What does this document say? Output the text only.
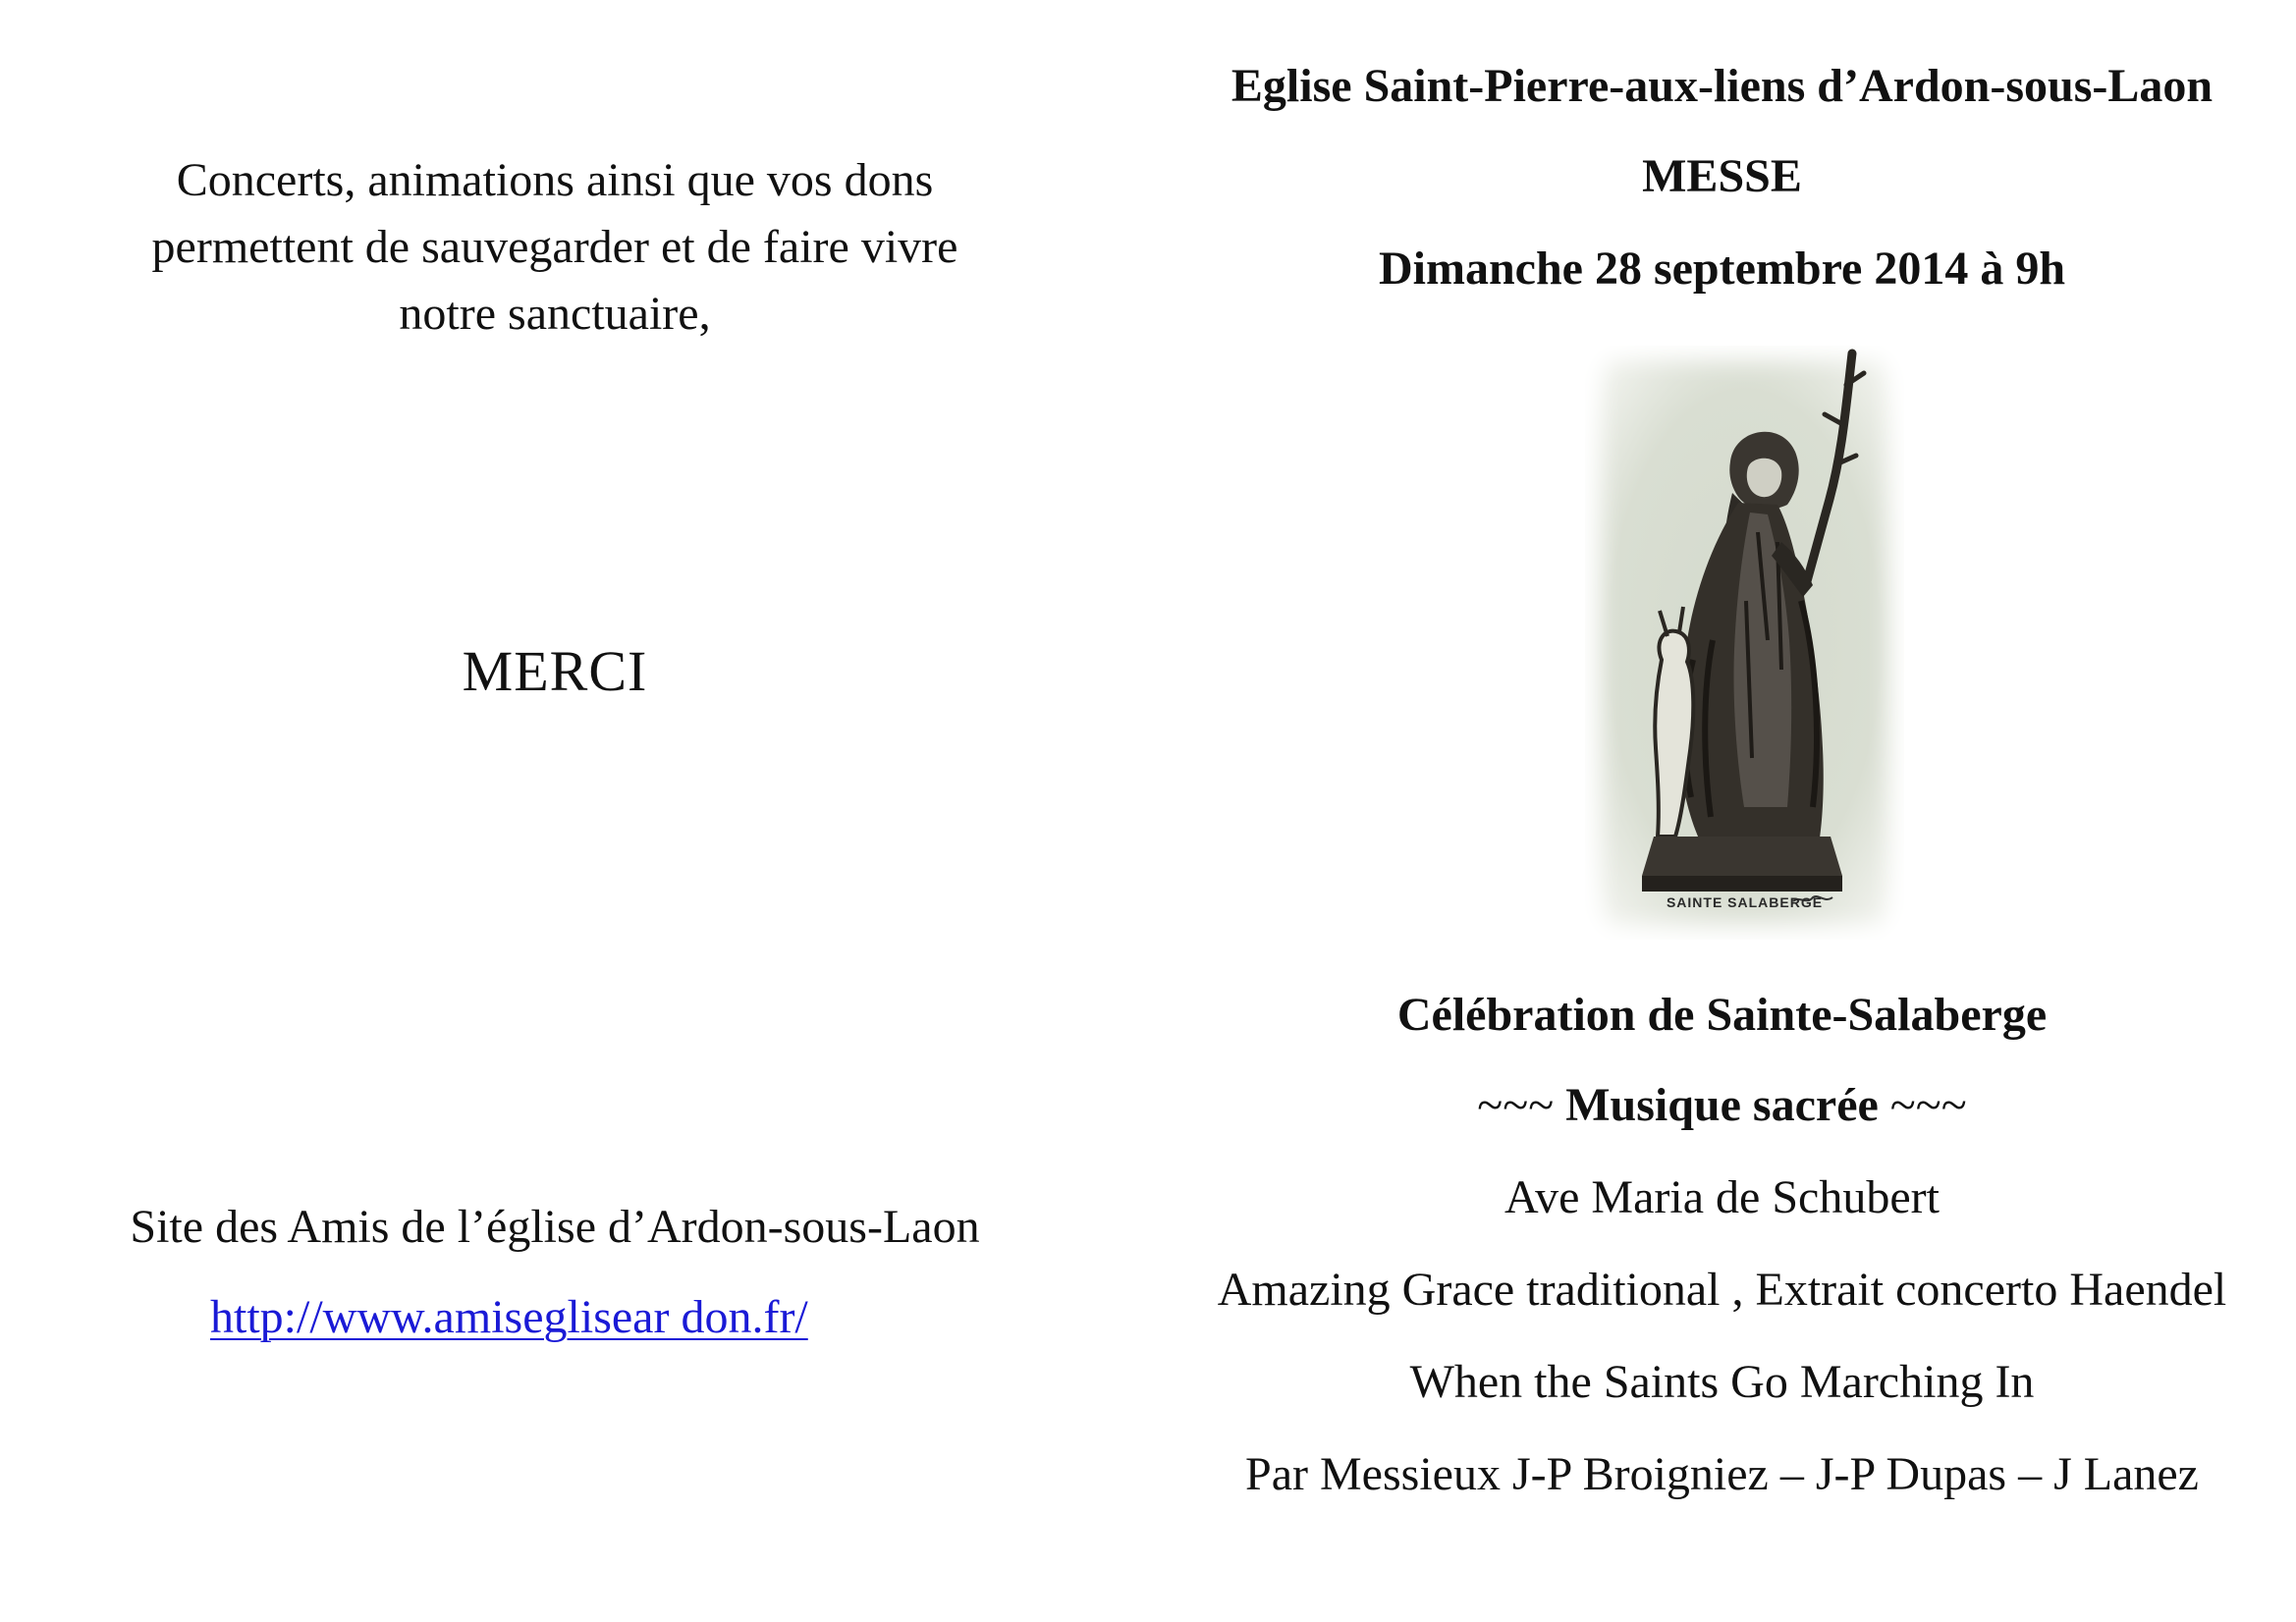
Concerts, animations ainsi que vos dons
permettent de sauvegarder et de faire vivre
notre sanctuaire,
MERCI
Site des Amis de l’église d’Ardon-sous-Laon
http://www.amiseglisear don.fr/
Eglise Saint-Pierre-aux-liens d’Ardon-sous-Laon
MESSE
Dimanche 28 septembre 2014 à 9h
SAINTE SALABERGE
Célébration de Sainte-Salaberge
~~~ Musique sacrée ~~~
Ave Maria de Schubert
Amazing Grace traditional , Extrait concerto Haendel
When the Saints Go Marching In
Par Messieux J-P Broigniez – J-P Dupas – J Lanez
